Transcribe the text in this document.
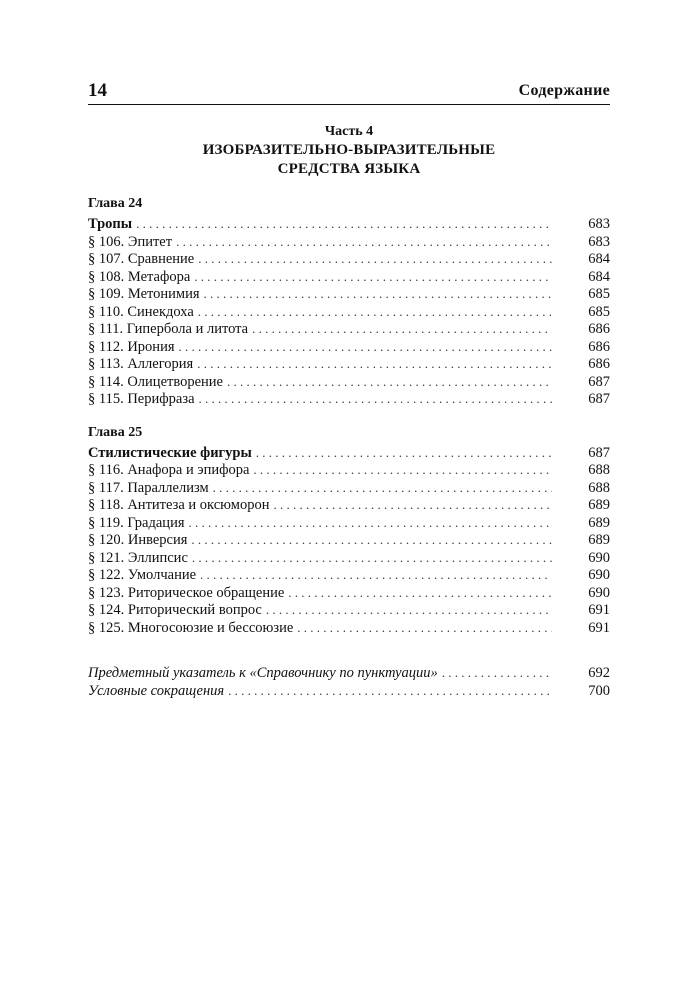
14	Содержание
Часть 4
ИЗОБРАЗИТЕЛЬНО-ВЫРАЗИТЕЛЬНЫЕ
СРЕДСТВА ЯЗЫКА
Глава 24
Тропы . . .	683
§ 106. Эпитет . . .	683
§ 107. Сравнение . . .	684
§ 108. Метафора . . .	684
§ 109. Метонимия . . .	685
§ 110. Синекдоха . . .	685
§ 111. Гипербола и литота . . .	686
§ 112. Ирония . . .	686
§ 113. Аллегория . . .	686
§ 114. Олицетворение . . .	687
§ 115. Перифраза . . .	687
Глава 25
Стилистические фигуры . . .	687
§ 116. Анафора и эпифора . . .	688
§ 117. Параллелизм . . .	688
§ 118. Антитеза и оксюморон . . .	689
§ 119. Градация . . .	689
§ 120. Инверсия . . .	689
§ 121. Эллипсис . . .	690
§ 122. Умолчание . . .	690
§ 123. Риторическое обращение . . .	690
§ 124. Риторический вопрос . . .	691
§ 125. Многосоюзие и бессоюзие . . .	691
Предметный указатель к «Справочнику по пунктуации» . . .	692
Условные сокращения . . .	700
